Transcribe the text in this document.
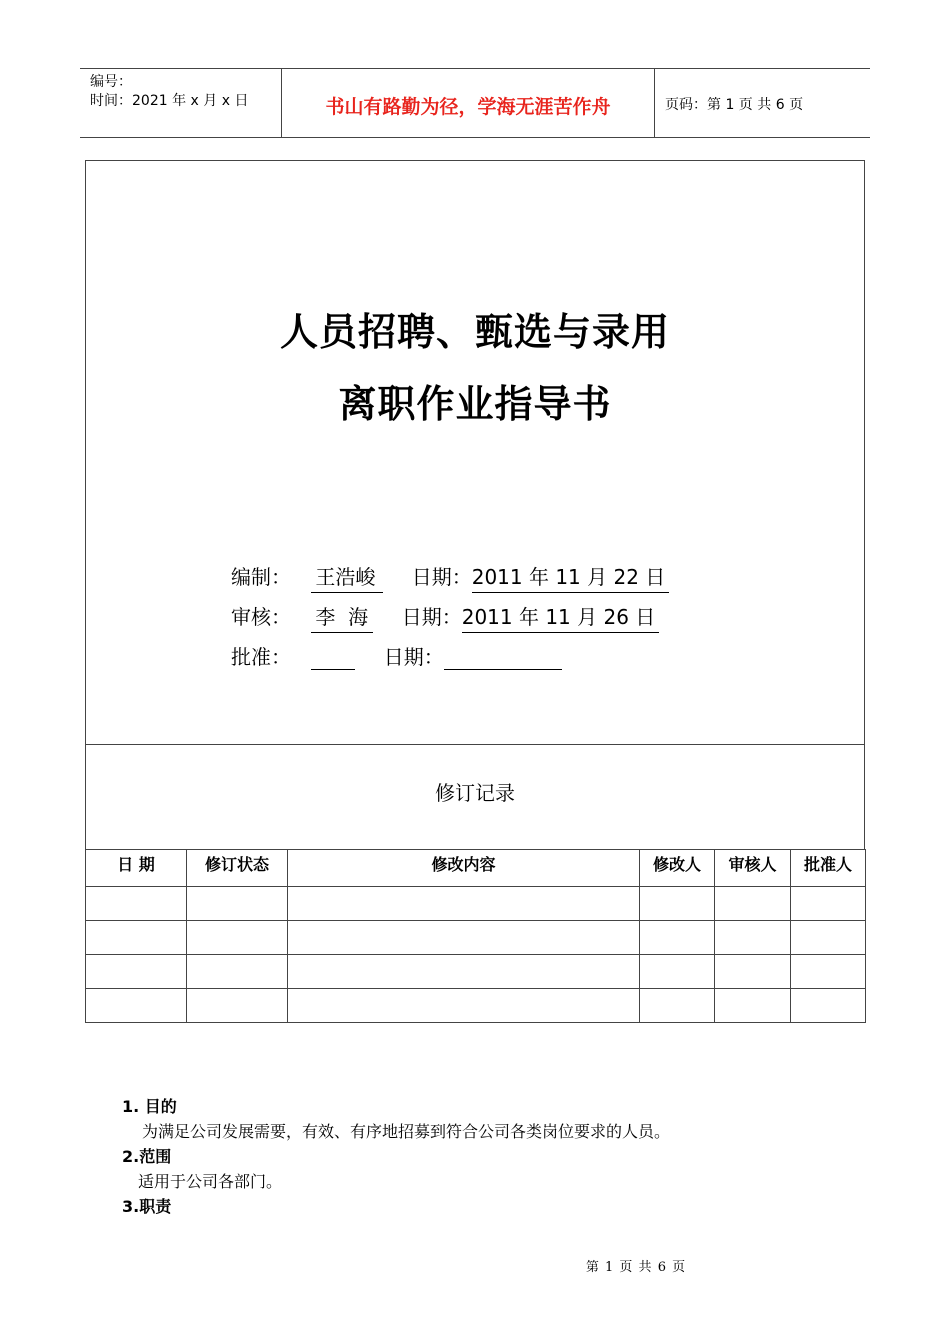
编号：
时间：2021 年 x 月 x 日	书山有路勤为径，学海无涯苦作舟	页码：第 1 页 共 6 页
人员招聘、甄选与录用
离职作业指导书
编制： 王浩峻 日期：2011 年 11 月 22 日
审核： 李  海 日期：2011 年 11 月 26 日
批准：	日期：
修订记录
日 期	修订状态	修改内容	修改人	审核人	批准人

1. 目的
为满足公司发展需要，有效、有序地招募到符合公司各类岗位要求的人员。
2.范围
适用于公司各部门。
3.职责
第 1 页 共 6 页
